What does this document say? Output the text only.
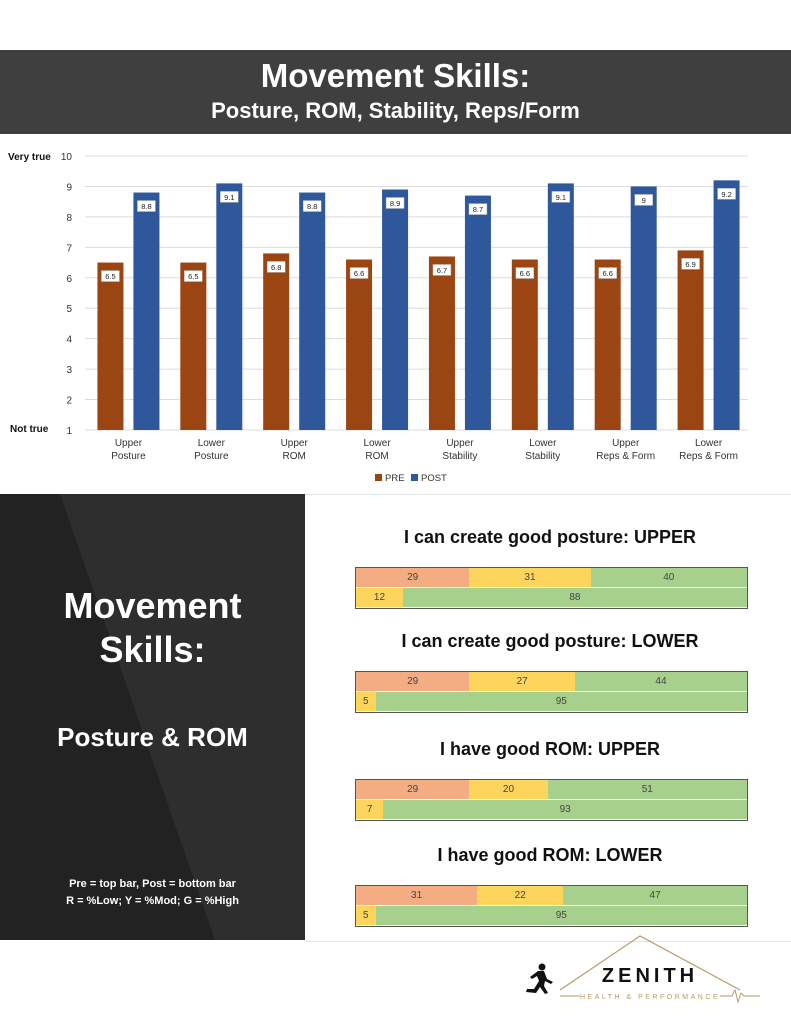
Movement Skills:
Posture, ROM, Stability, Reps/Form
1
2
3
4
5
6
7
8
9
10
Very true
Not true
6.5
8.8
Upper
Posture
6.5
9.1
Lower
Posture
6.8
8.8
Upper
ROM
6.6
8.9
Lower
ROM
6.7
8.7
Upper
Stability
6.6
9.1
Lower
Stability
6.6
9
Upper
Reps & Form
6.9
9.2
Lower
Reps & Form
PRE POST
Movement
Skills:
Posture & ROM
Pre = top bar, Post = bottom bar
R = %Low; Y = %Mod; G = %High
I can create good posture: UPPER
29	31	40
12	88
I can create good posture: LOWER
29	27	44
5	95
I have good ROM: UPPER
29	20	51
7	93
I have good ROM: LOWER
31	22	47
5	95
ZENITH
HEALTH & PERFORMANCE
